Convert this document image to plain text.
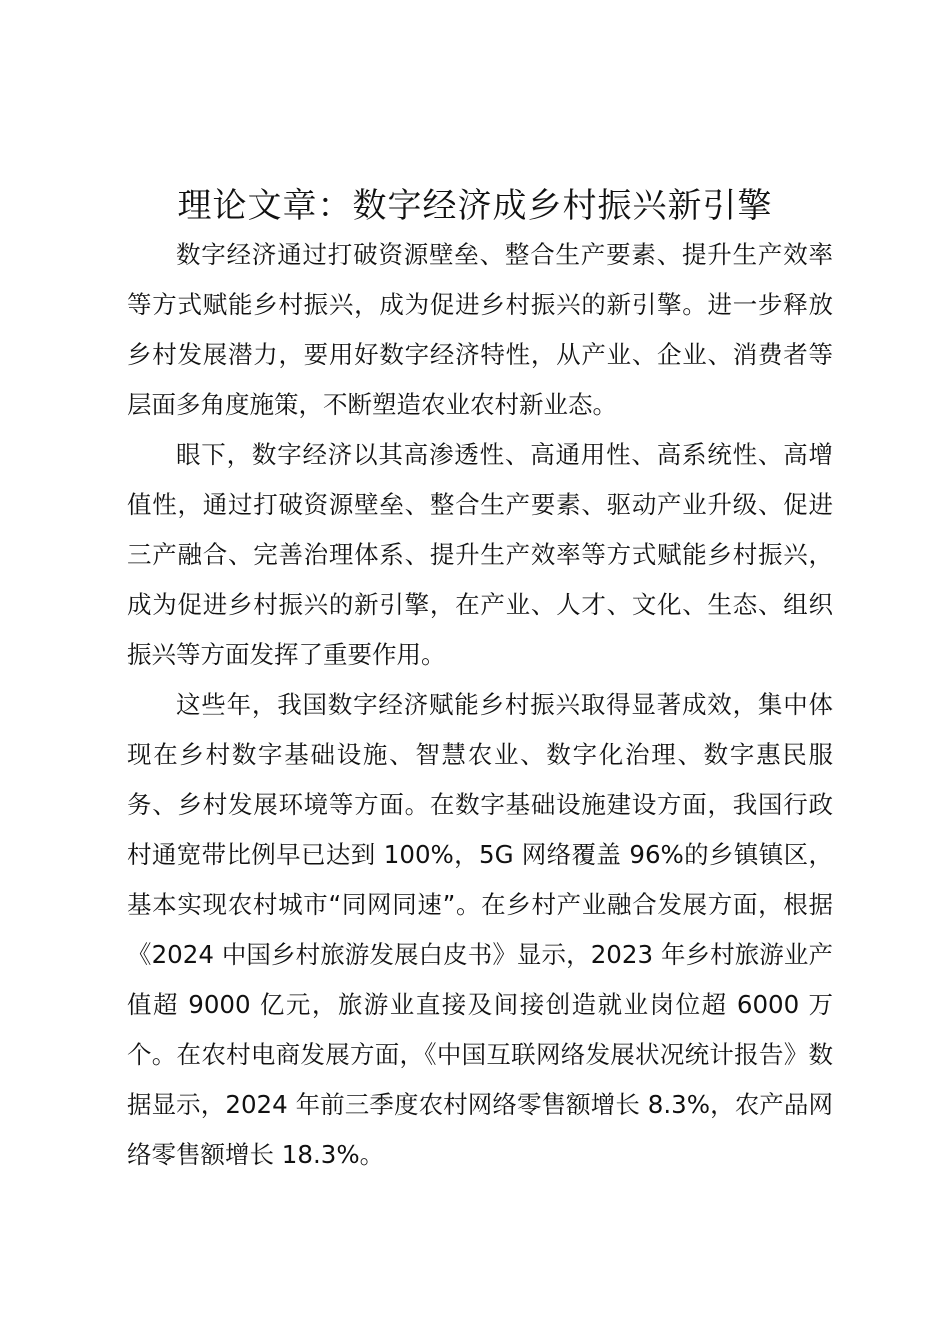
理论文章：数字经济成乡村振兴新引擎

数字经济通过打破资源壁垒、整合生产要素、提升生产效率等方式赋能乡村振兴，成为促进乡村振兴的新引擎。进一步释放乡村发展潜力，要用好数字经济特性，从产业、企业、消费者等层面多角度施策，不断塑造农业农村新业态。

眼下，数字经济以其高渗透性、高通用性、高系统性、高增值性，通过打破资源壁垒、整合生产要素、驱动产业升级、促进三产融合、完善治理体系、提升生产效率等方式赋能乡村振兴，成为促进乡村振兴的新引擎，在产业、人才、文化、生态、组织振兴等方面发挥了重要作用。

这些年，我国数字经济赋能乡村振兴取得显著成效，集中体现在乡村数字基础设施、智慧农业、数字化治理、数字惠民服务、乡村发展环境等方面。在数字基础设施建设方面，我国行政村通宽带比例早已达到 100%，5G 网络覆盖 96%的乡镇镇区，基本实现农村城市“同网同速”。在乡村产业融合发展方面，根据《2024 中国乡村旅游发展白皮书》显示，2023 年乡村旅游业产值超 9000 亿元，旅游业直接及间接创造就业岗位超 6000 万个。在农村电商发展方面，《中国互联网络发展状况统计报告》数据显示，2024 年前三季度农村网络零售额增长 8.3%，农产品网络零售额增长 18.3%。
